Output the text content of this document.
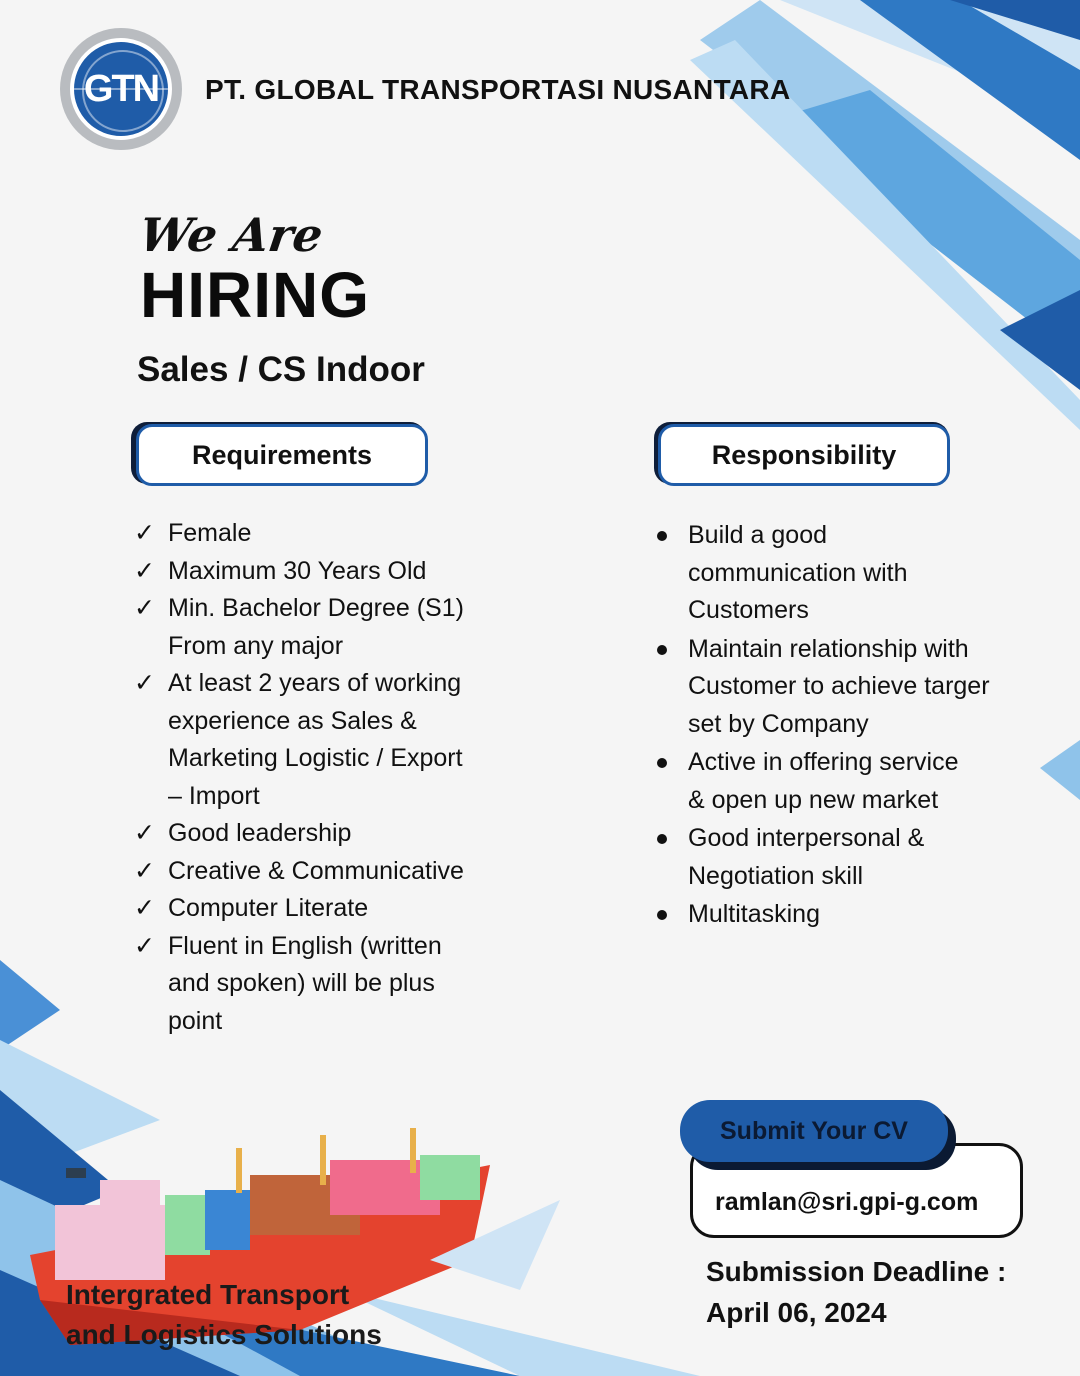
GTN PT. GLOBAL TRANSPORTASI NUSANTARA
We Are
HIRING
Sales / CS Indoor
Requirements	Responsibility
✓ Female
✓ Maximum 30 Years Old
✓ Min. Bachelor Degree (S1) From any major
✓ At least 2 years of working experience as Sales & Marketing Logistic / Export – Import
✓ Good leadership
✓ Creative & Communicative
✓ Computer Literate
✓ Fluent in English (written and spoken) will be plus point
Build a good communication with Customers
Maintain relationship with Customer to achieve targer set by Company
Active in offering service & open up new market
Good interpersonal & Negotiation skill
Multitasking
ramlan@sri.gpi-g.com
Submit Your CV
Submission Deadline :
April 06, 2024
Intergrated Transport
and Logistics Solutions
